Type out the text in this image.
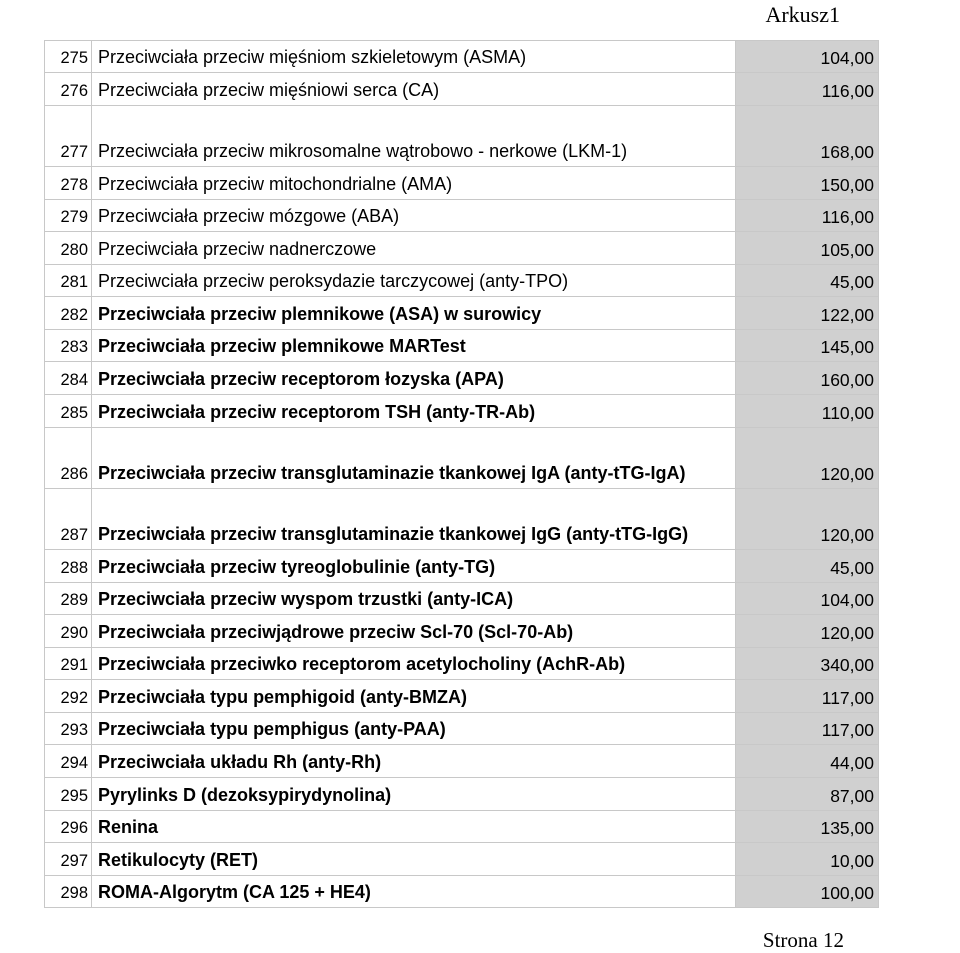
Arkusz1
275	Przeciwciała przeciw mięśniom szkieletowym (ASMA)	104,00
276	Przeciwciała przeciw mięśniowi serca (CA)	116,00
277	Przeciwciała przeciw mikrosomalne wątrobowo - nerkowe (LKM-1)	168,00
278	Przeciwciała przeciw mitochondrialne (AMA)	150,00
279	Przeciwciała przeciw mózgowe (ABA)	116,00
280	Przeciwciała przeciw nadnerczowe	105,00
281	Przeciwciała przeciw peroksydazie tarczycowej (anty-TPO)	45,00
282	Przeciwciała przeciw plemnikowe (ASA) w surowicy	122,00
283	Przeciwciała przeciw plemnikowe MARTest	145,00
284	Przeciwciała przeciw receptorom łozyska (APA)	160,00
285	Przeciwciała przeciw receptorom TSH (anty-TR-Ab)	110,00
286	Przeciwciała przeciw transglutaminazie tkankowej IgA (anty-tTG-IgA)	120,00
287	Przeciwciała przeciw transglutaminazie tkankowej IgG (anty-tTG-IgG)	120,00
288	Przeciwciała przeciw tyreoglobulinie (anty-TG)	45,00
289	Przeciwciała przeciw wyspom trzustki (anty-ICA)	104,00
290	Przeciwciała przeciwjądrowe przeciw Scl-70 (Scl-70-Ab)	120,00
291	Przeciwciała przeciwko receptorom acetylocholiny (AchR-Ab)	340,00
292	Przeciwciała typu pemphigoid (anty-BMZA)	117,00
293	Przeciwciała typu pemphigus (anty-PAA)	117,00
294	Przeciwciała układu Rh (anty-Rh)	44,00
295	Pyrylinks D (dezoksypirydynolina)	87,00
296	Renina	135,00
297	Retikulocyty (RET)	10,00
298	ROMA-Algorytm (CA 125 + HE4)	100,00
Strona 12
